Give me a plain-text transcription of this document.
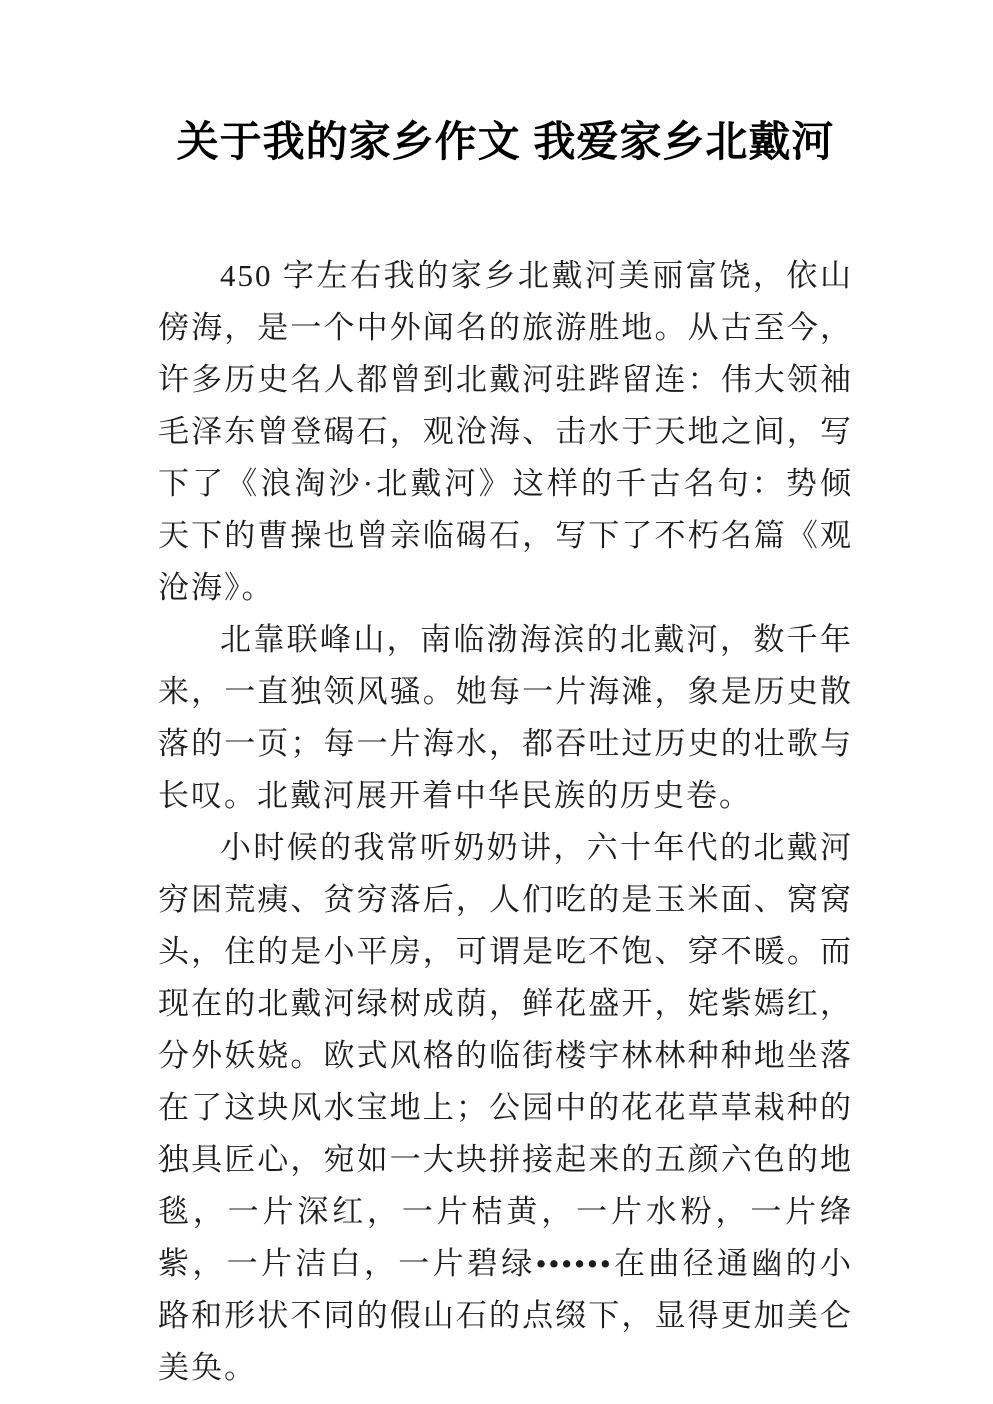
关于我的家乡作文 我爱家乡北戴河

450 字左右我的家乡北戴河美丽富饶，依山傍海，是一个中外闻名的旅游胜地。从古至今，许多历史名人都曾到北戴河驻跸留连：伟大领袖毛泽东曾登碣石，观沧海、击水于天地之间，写下了《浪淘沙·北戴河》这样的千古名句：势倾天下的曹操也曾亲临碣石，写下了不朽名篇《观沧海》。

北靠联峰山，南临渤海滨的北戴河，数千年来，一直独领风骚。她每一片海滩，象是历史散落的一页；每一片海水，都吞吐过历史的壮歌与长叹。北戴河展开着中华民族的历史卷。

小时候的我常听奶奶讲，六十年代的北戴河穷困荒痍、贫穷落后，人们吃的是玉米面、窝窝头，住的是小平房，可谓是吃不饱、穿不暖。而现在的北戴河绿树成荫，鲜花盛开，姹紫嫣红，分外妖娆。欧式风格的临街楼宇林林种种地坐落在了这块风水宝地上；公园中的花花草草栽种的独具匠心，宛如一大块拼接起来的五颜六色的地毯，一片深红，一片桔黄，一片水粉，一片绛紫，一片洁白，一片碧绿••••••在曲径通幽的小路和形状不同的假山石的点缀下，显得更加美仑美奂。
